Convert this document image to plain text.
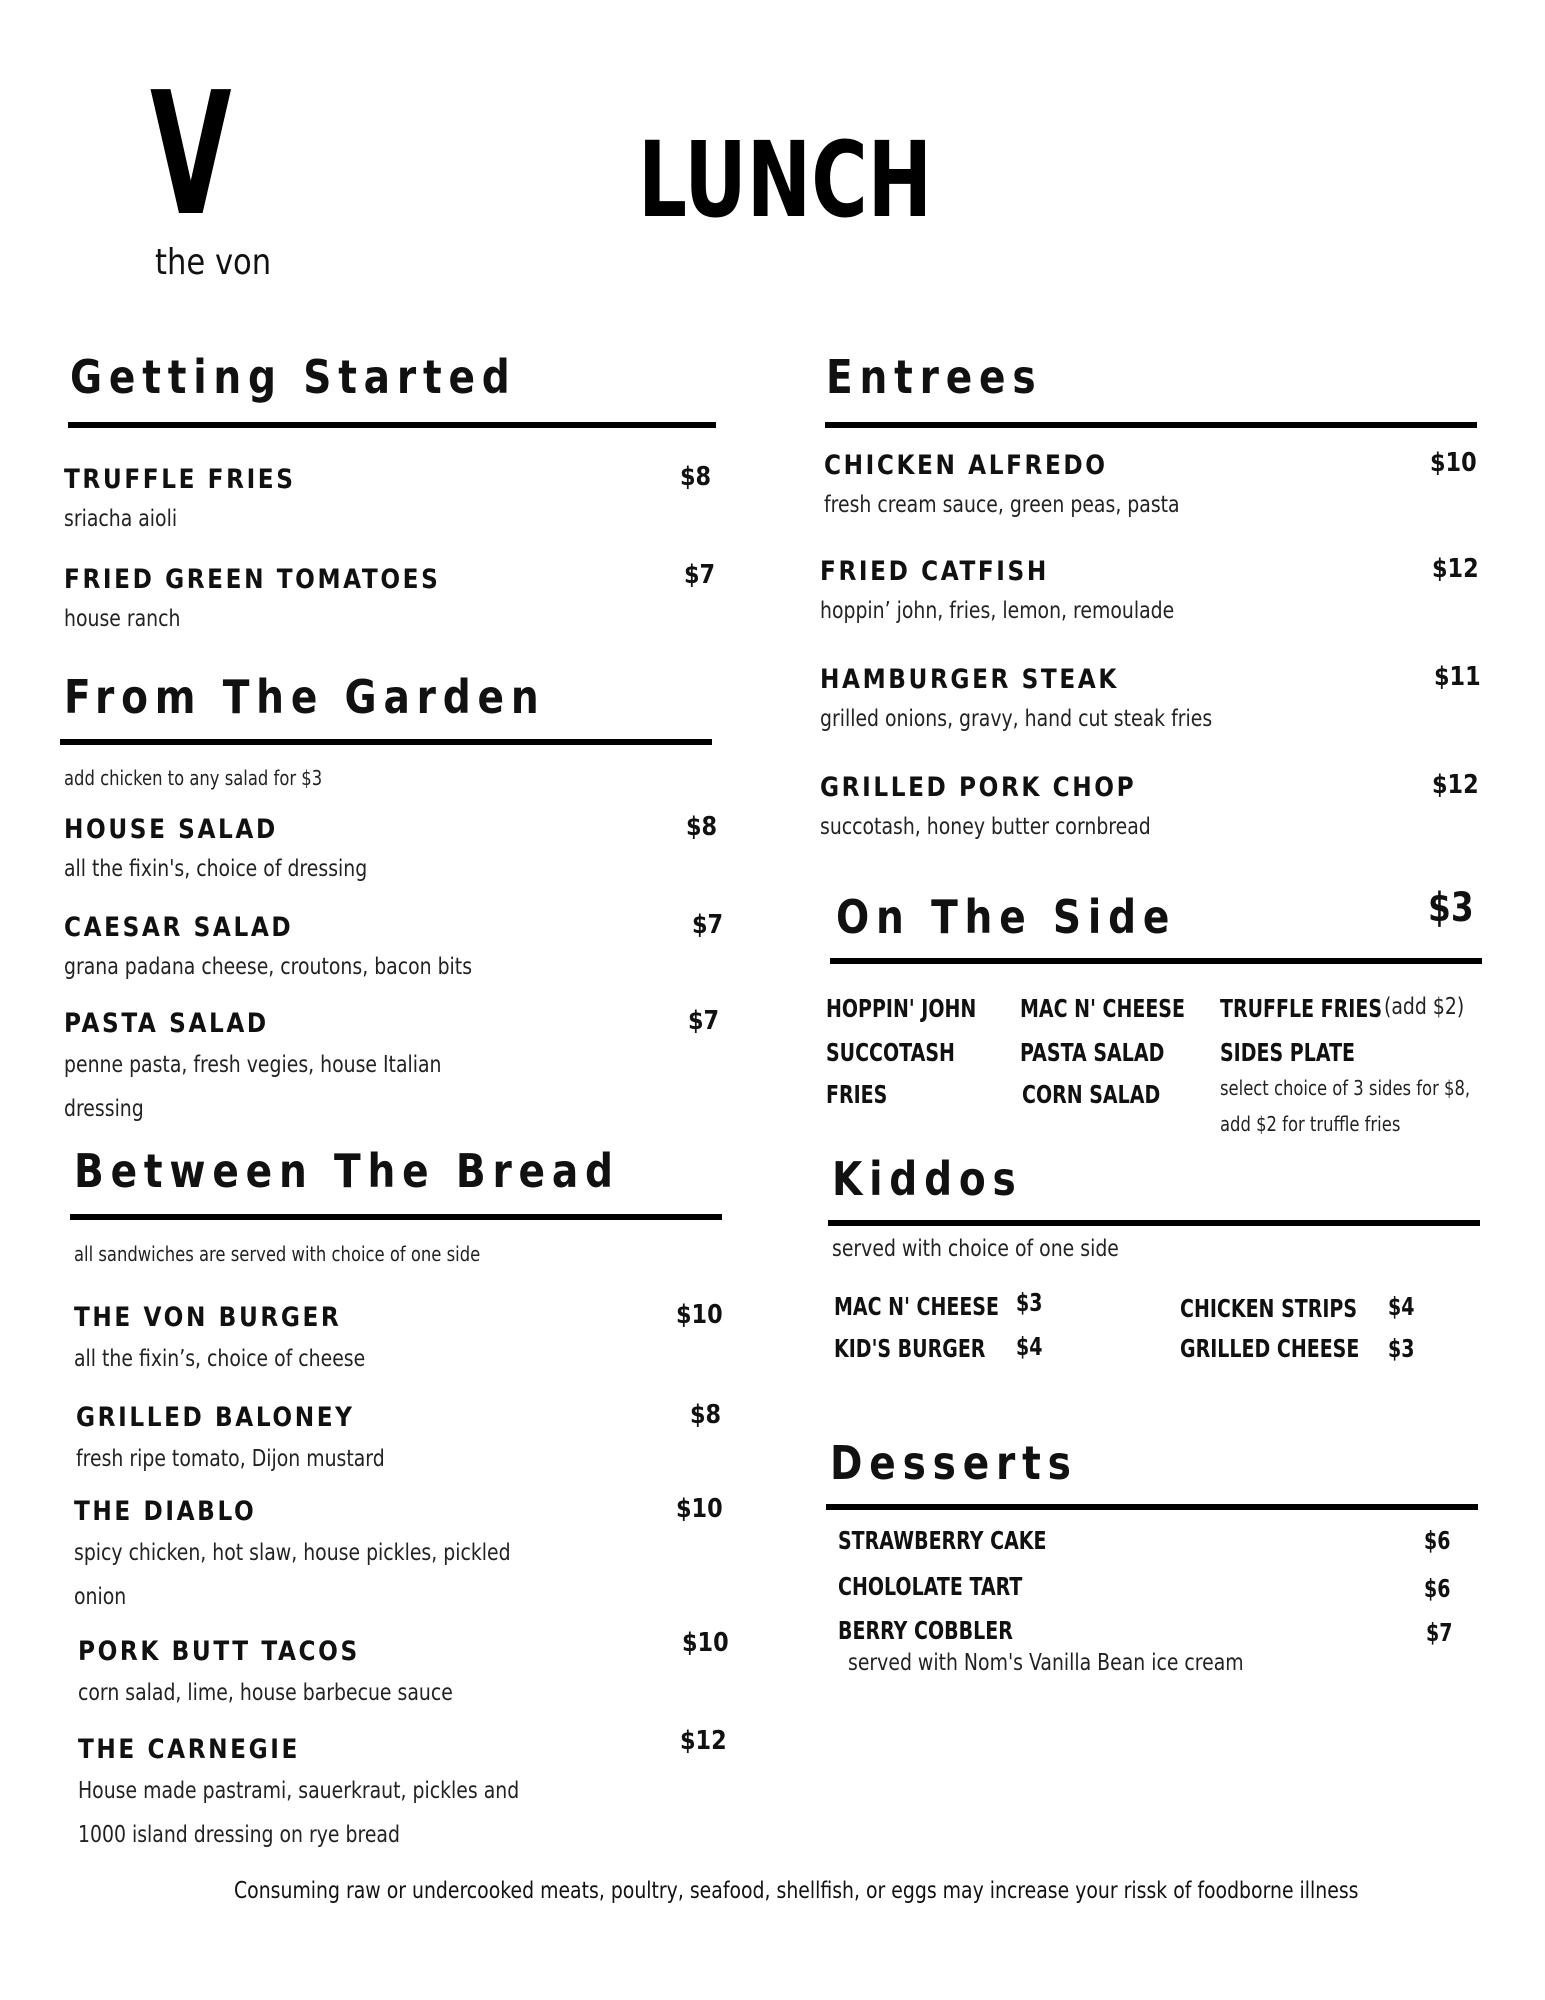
V
the von
LUNCH
Getting Started
TRUFFLE FRIES	$8
sriacha aioli
FRIED GREEN TOMATOES	$7
house ranch
From The Garden
add chicken to any salad for $3
HOUSE SALAD	$8
all the fixin's, choice of dressing
CAESAR SALAD	$7
grana padana cheese, croutons, bacon bits
PASTA SALAD	$7
penne pasta, fresh vegies, house Italian
dressing
Between The Bread
all sandwiches are served with choice of one side
THE VON BURGER	$10
all the fixin’s, choice of cheese
GRILLED BALONEY	$8
fresh ripe tomato, Dijon mustard
THE DIABLO	$10
spicy chicken, hot slaw, house pickles, pickled
onion
PORK BUTT TACOS	$10
corn salad, lime, house barbecue sauce
THE CARNEGIE	$12
House made pastrami, sauerkraut, pickles and
1000 island dressing on rye bread
Entrees
CHICKEN ALFREDO	$10
fresh cream sauce, green peas, pasta
FRIED CATFISH	$12
hoppin’ john, fries, lemon, remoulade
HAMBURGER STEAK	$11
grilled onions, gravy, hand cut steak fries
GRILLED PORK CHOP	$12
succotash, honey butter cornbread
On The Side	$3
HOPPIN' JOHN
SUCCOTASH
FRIES
MAC N' CHEESE
PASTA SALAD
CORN SALAD
TRUFFLE FRIES (add $2)
SIDES PLATE
select choice of 3 sides for $8,
add $2 for truffle fries
Kiddos
served with choice of one side
MAC N' CHEESE $3
KID'S BURGER $4
CHICKEN STRIPS $4
GRILLED CHEESE $3
Desserts
STRAWBERRY CAKE	$6
CHOLOLATE TART	$6
BERRY COBBLER	$7
served with Nom's Vanilla Bean ice cream
Consuming raw or undercooked meats, poultry, seafood, shellfish, or eggs may increase your rissk of foodborne illness
